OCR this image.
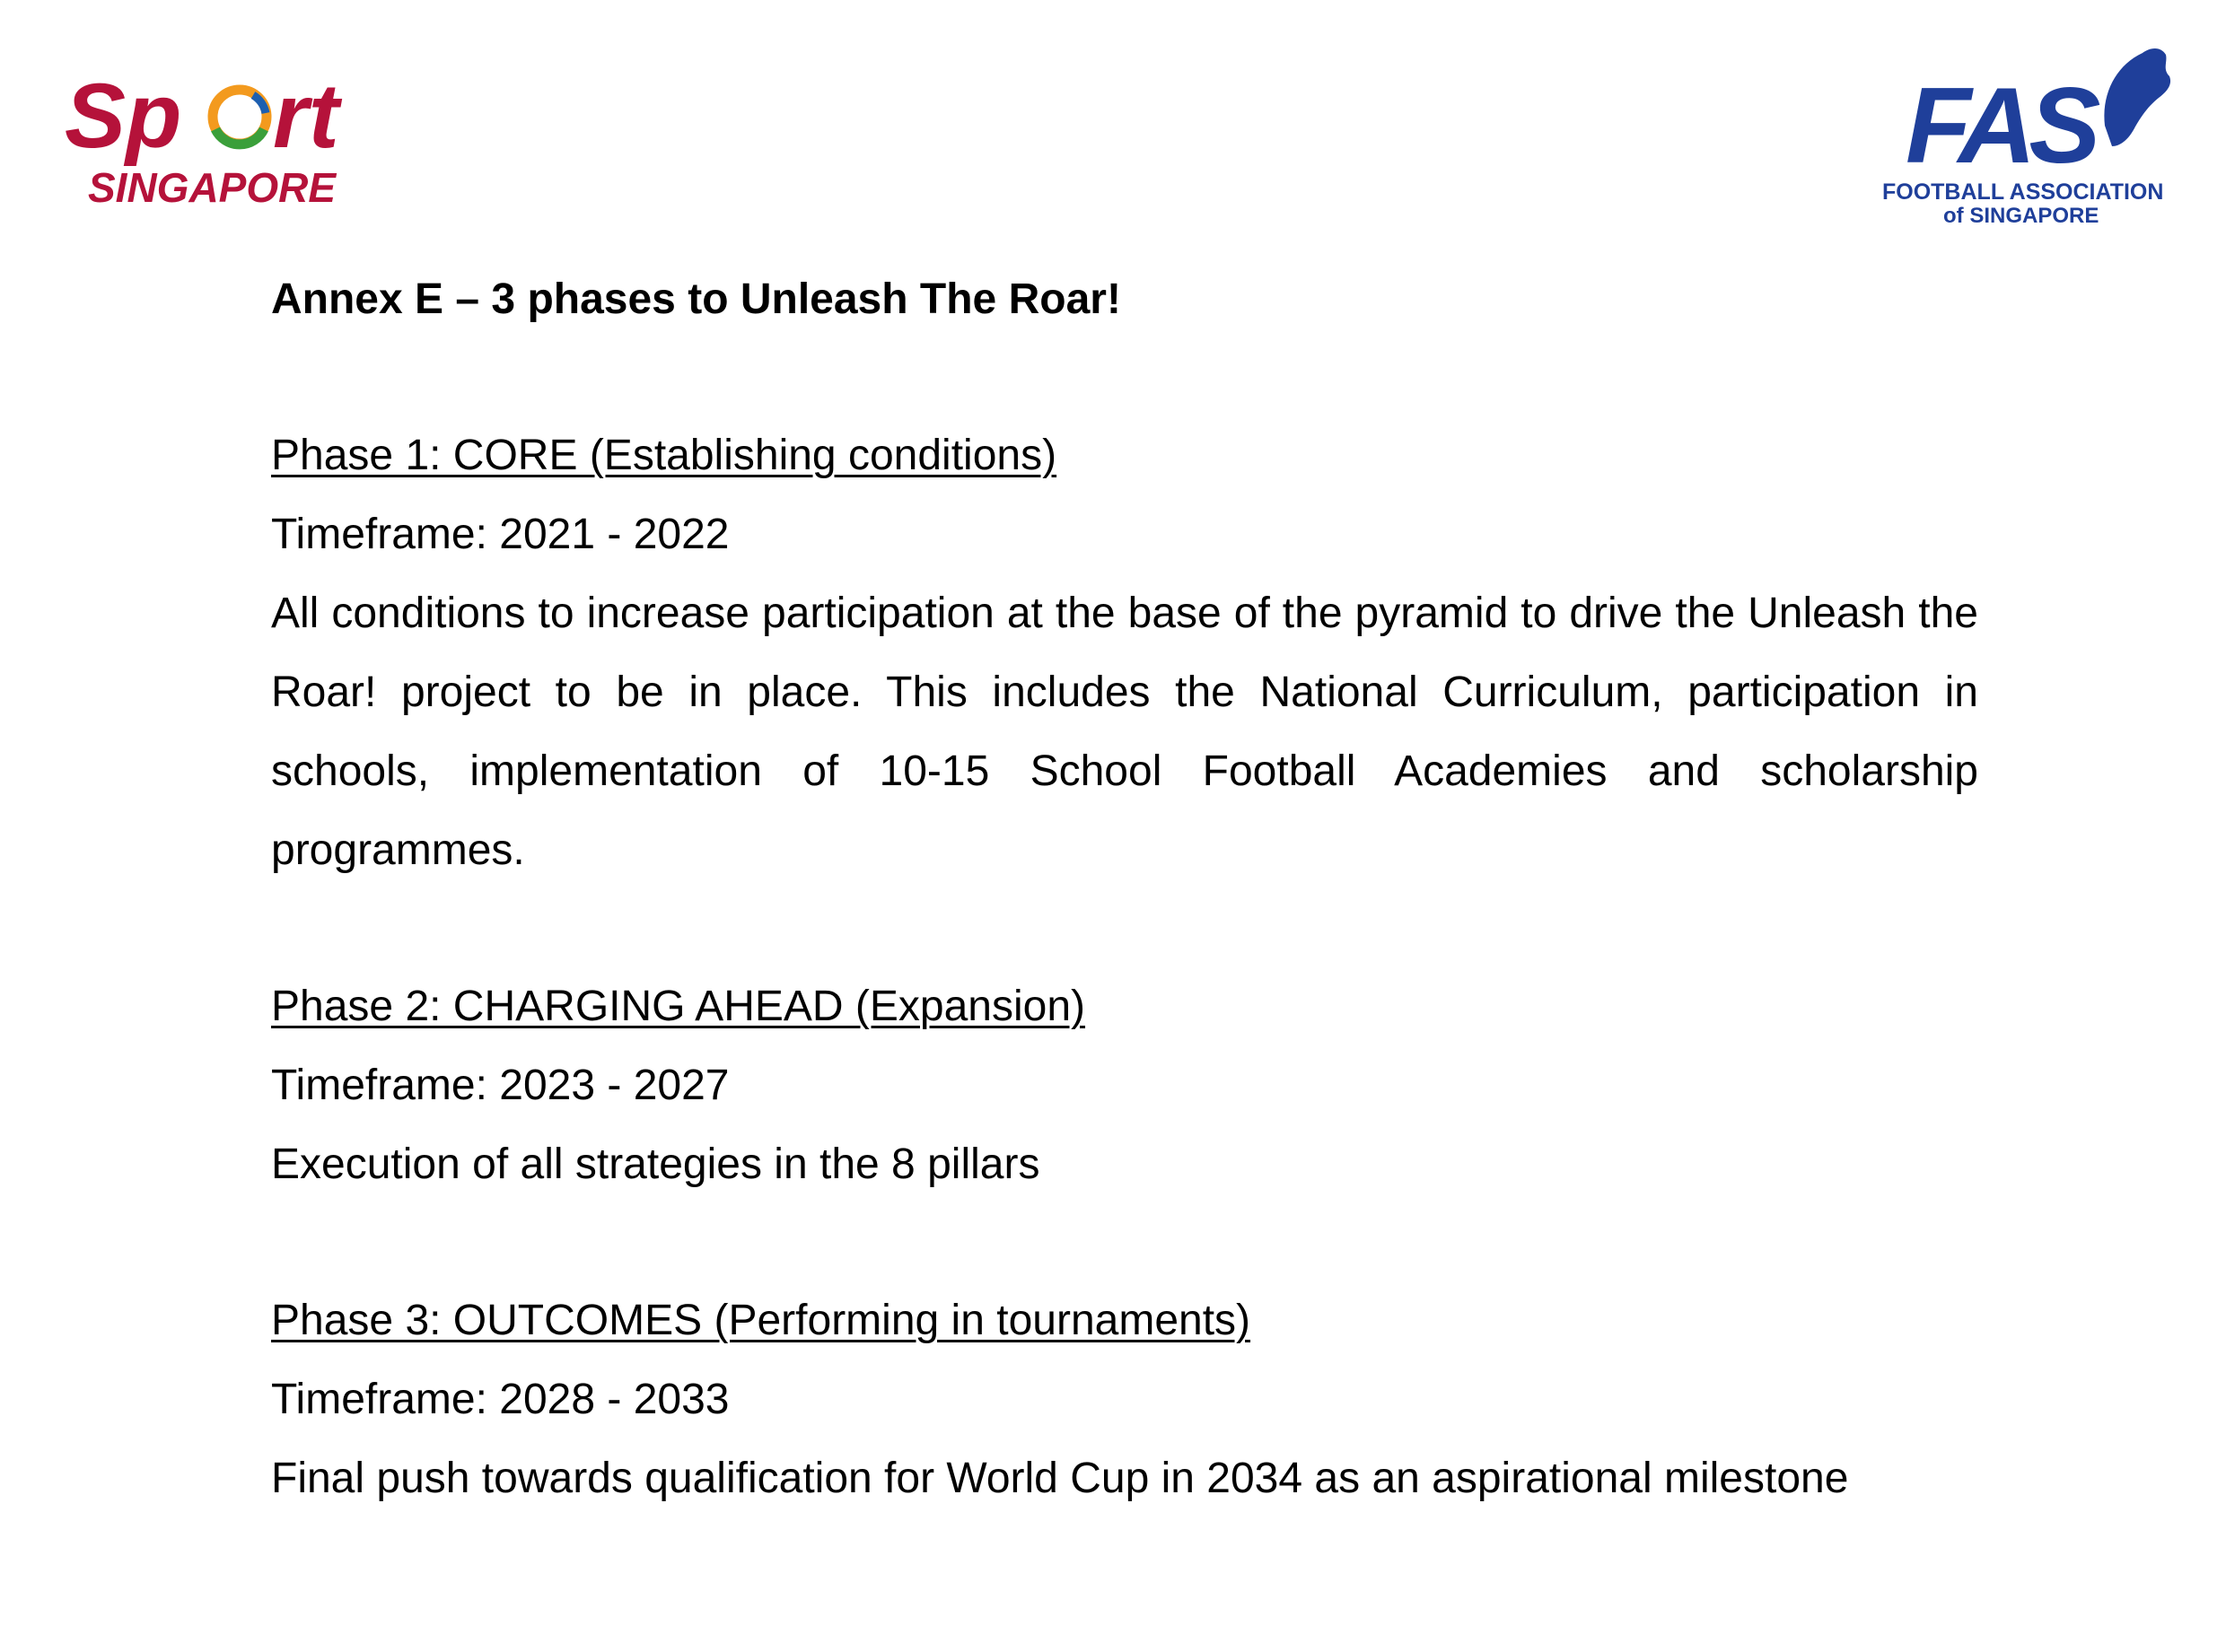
Sp rt
SINGAPORE
FAS
FOOTBALL ASSOCIATION
of SINGAPORE

Annex E – 3 phases to Unleash The Roar!

Phase 1: CORE (Establishing conditions)

Timeframe: 2021 - 2022

All conditions to increase participation at the base of the pyramid to drive the Unleash the Roar! project to be in place. This includes the National Curriculum, participation in schools, implementation of 10-15 School Football Academies and scholarship programmes.

Phase 2: CHARGING AHEAD (Expansion)

Timeframe: 2023 - 2027

Execution of all strategies in the 8 pillars

Phase 3: OUTCOMES (Performing in tournaments)

Timeframe: 2028 - 2033

Final push towards qualification for World Cup in 2034 as an aspirational milestone
